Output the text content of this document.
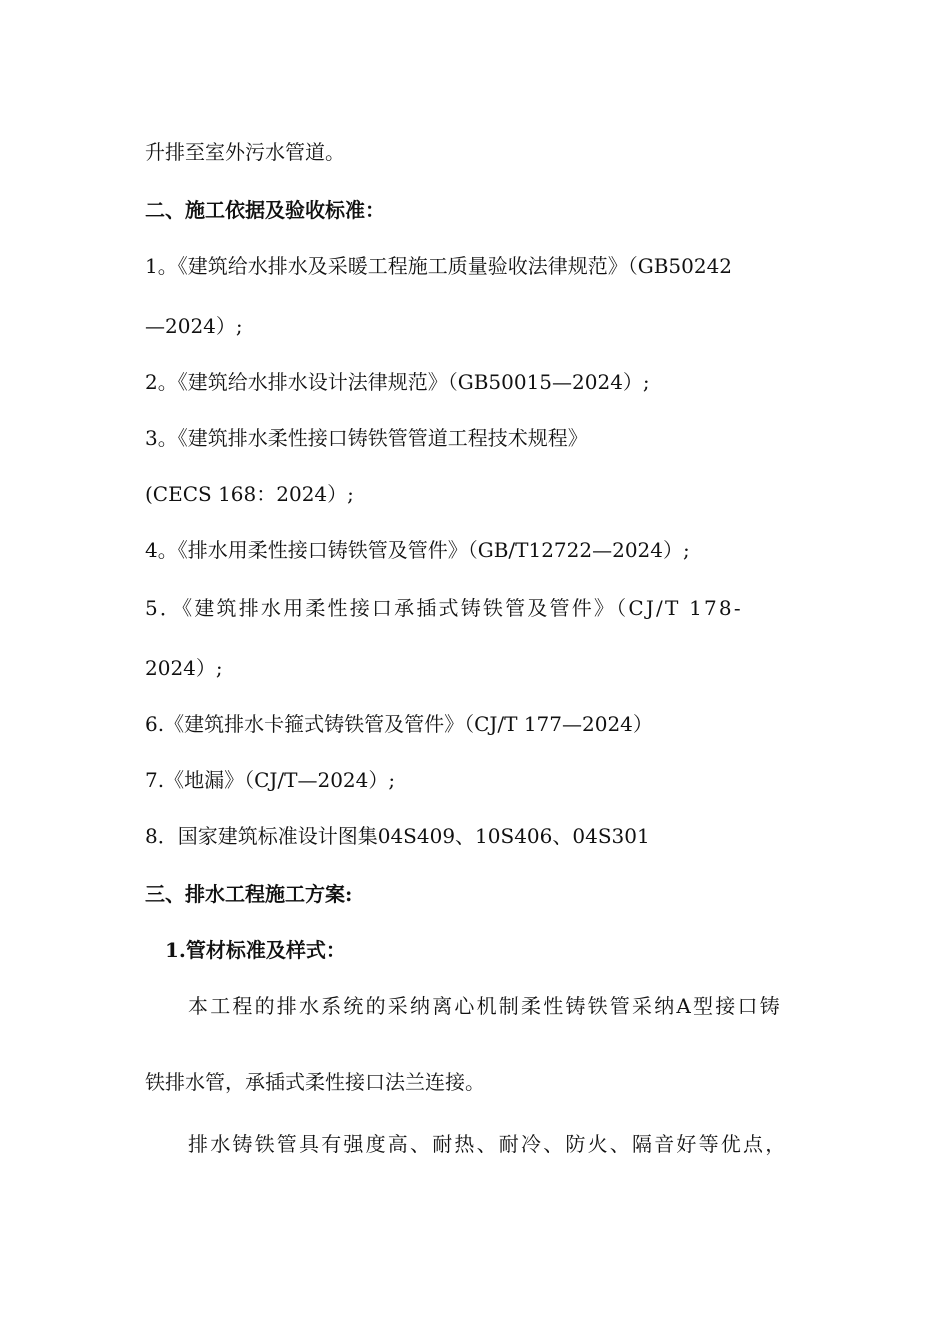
升排至室外污水管道。
二、施工依据及验收标准：
1。《建筑给水排水及采暖工程施工质量验收法律规范》（GB50242
—2024）;
2。《建筑给水排水设计法律规范》（GB50015—2024）;
3。《建筑排水柔性接口铸铁管管道工程技术规程》
(CECS 168：2024）;
4。《排水用柔性接口铸铁管及管件》（GB/T12722—2024）;
5．《建筑排水用柔性接口承插式铸铁管及管件》（CJ/T 178-
2024）;
6.《建筑排水卡箍式铸铁管及管件》（CJ/T 177—2024）
7.《地漏》（CJ/T—2024）;
8．国家建筑标准设计图集04S409、10S406、04S301
三、排水工程施工方案:
1.管材标准及样式：
本工程的排水系统的采纳离心机制柔性铸铁管采纳A型接口铸
铁排水管，承插式柔性接口法兰连接。
排水铸铁管具有强度高、耐热、耐冷、防火、隔音好等优点，
